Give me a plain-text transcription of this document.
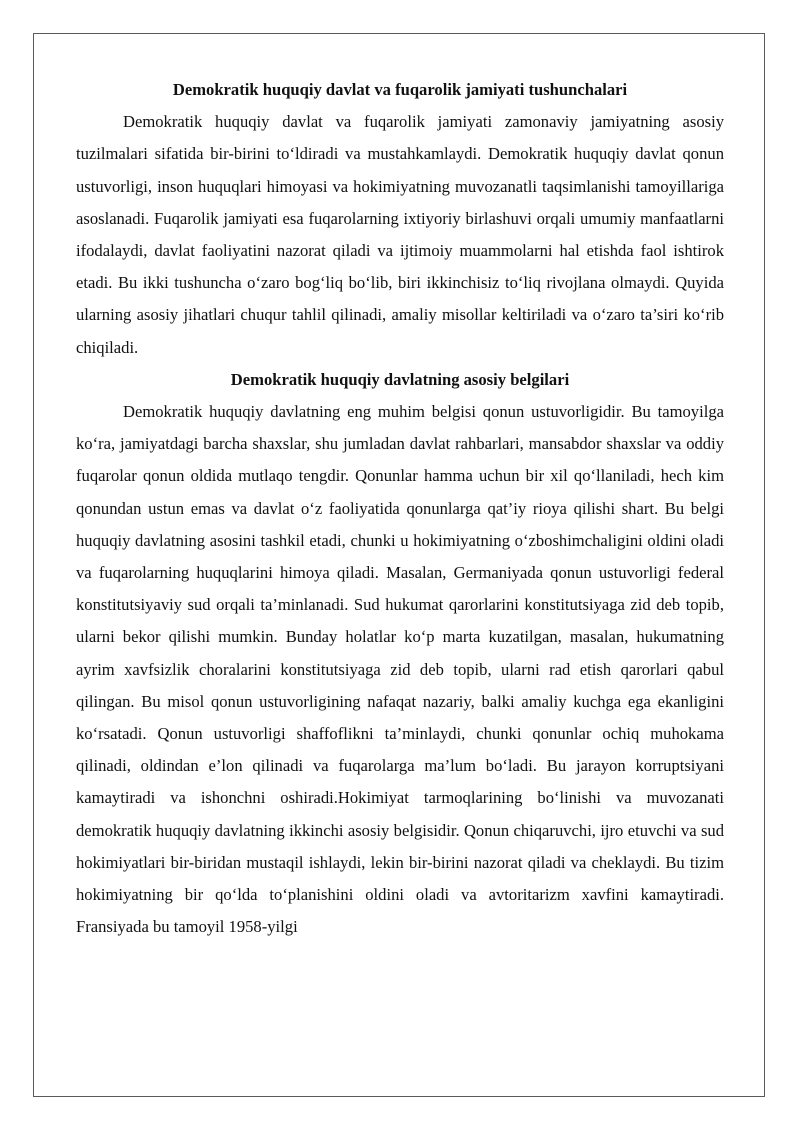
Demokratik huquqiy davlat va fuqarolik jamiyati tushunchalari

Demokratik huquqiy davlat va fuqarolik jamiyati zamonaviy jamiyatning asosiy tuzilmalari sifatida bir-birini to‘ldiradi va mustahkamlaydi. Demokratik huquqiy davlat qonun ustuvorligi, inson huquqlari himoyasi va hokimiyatning muvozanatli taqsimlanishi tamoyillariga asoslanadi. Fuqarolik jamiyati esa fuqarolarning ixtiyoriy birlashuvi orqali umumiy manfaatlarni ifodalaydi, davlat faoliyatini nazorat qiladi va ijtimoiy muammolarni hal etishda faol ishtirok etadi. Bu ikki tushuncha o‘zaro bog‘liq bo‘lib, biri ikkinchisiz to‘liq rivojlana olmaydi. Quyida ularning asosiy jihatlari chuqur tahlil qilinadi, amaliy misollar keltiriladi va o‘zaro ta’siri ko‘rib chiqiladi.

Demokratik huquqiy davlatning asosiy belgilari

Demokratik huquqiy davlatning eng muhim belgisi qonun ustuvorligidir. Bu tamoyilga ko‘ra, jamiyatdagi barcha shaxslar, shu jumladan davlat rahbarlari, mansabdor shaxslar va oddiy fuqarolar qonun oldida mutlaqo tengdir. Qonunlar hamma uchun bir xil qo‘llaniladi, hech kim qonundan ustun emas va davlat o‘z faoliyatida qonunlarga qat’iy rioya qilishi shart. Bu belgi huquqiy davlatning asosini tashkil etadi, chunki u hokimiyatning o‘zboshimchaligini oldini oladi va fuqarolarning huquqlarini himoya qiladi. Masalan, Germaniyada qonun ustuvorligi federal konstitutsiyaviy sud orqali ta’minlanadi. Sud hukumat qarorlarini konstitutsiyaga zid deb topib, ularni bekor qilishi mumkin. Bunday holatlar ko‘p marta kuzatilgan, masalan, hukumatning ayrim xavfsizlik choralarini konstitutsiyaga zid deb topib, ularni rad etish qarorlari qabul qilingan. Bu misol qonun ustuvorligining nafaqat nazariy, balki amaliy kuchga ega ekanligini ko‘rsatadi. Qonun ustuvorligi shaffoflikni ta’minlaydi, chunki qonunlar ochiq muhokama qilinadi, oldindan e’lon qilinadi va fuqarolarga ma’lum bo‘ladi. Bu jarayon korruptsiyani kamaytiradi va ishonchni oshiradi.Hokimiyat tarmoqlarining bo‘linishi va muvozanati demokratik huquqiy davlatning ikkinchi asosiy belgisidir. Qonun chiqaruvchi, ijro etuvchi va sud hokimiyatlari bir-biridan mustaqil ishlaydi, lekin bir-birini nazorat qiladi va cheklaydi. Bu tizim hokimiyatning bir qo‘lda to‘planishini oldini oladi va avtoritarizm xavfini kamaytiradi. Fransiyada bu tamoyil 1958-yilgi
